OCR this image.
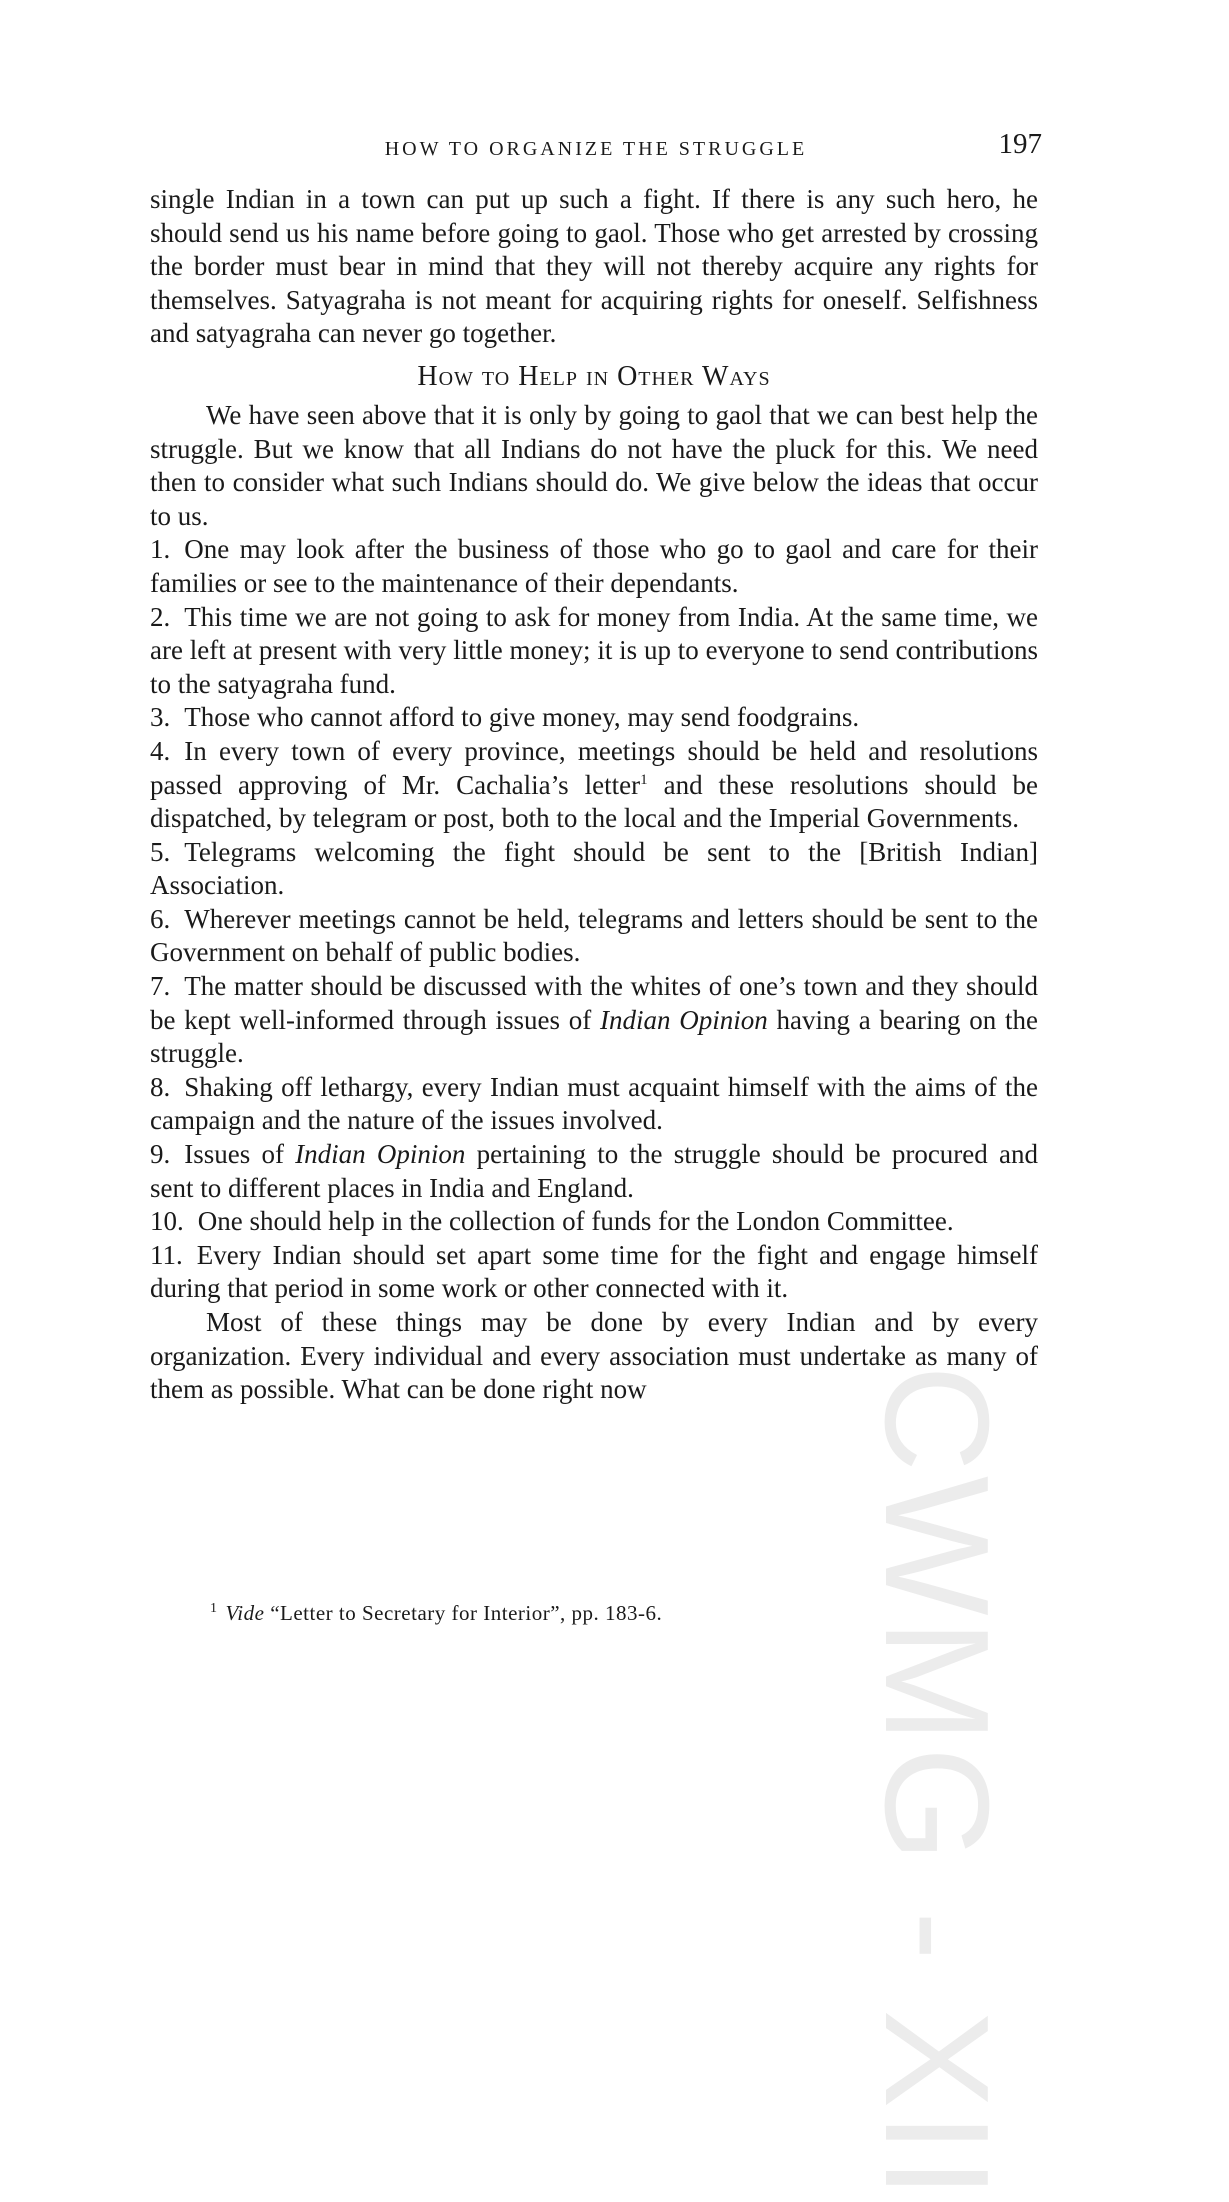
CWMG - XII
HOW TO ORGANIZE THE STRUGGLE	197

single Indian in a town can put up such a fight. If there is any such hero, he should send us his name before going to gaol. Those who get arrested by crossing the border must bear in mind that they will not thereby acquire any rights for themselves. Satyagraha is not meant for acquiring rights for oneself. Selfishness and satyagraha can never go together.

How to Help in Other Ways

We have seen above that it is only by going to gaol that we can best help the struggle. But we know that all Indians do not have the pluck for this. We need then to consider what such Indians should do. We give below the ideas that occur to us.

1. One may look after the business of those who go to gaol and care for their families or see to the maintenance of their dependants.

2. This time we are not going to ask for money from India. At the same time, we are left at present with very little money; it is up to everyone to send contributions to the satyagraha fund.

3. Those who cannot afford to give money, may send foodgrains.

4. In every town of every province, meetings should be held and resolutions passed approving of Mr. Cachalia’s letter$^1$ and these resolutions should be dispatched, by telegram or post, both to the local and the Imperial Governments.

5. Telegrams welcoming the fight should be sent to the [British Indian] Association.

6. Wherever meetings cannot be held, telegrams and letters should be sent to the Government on behalf of public bodies.

7. The matter should be discussed with the whites of one’s town and they should be kept well-informed through issues of Indian Opinion having a bearing on the struggle.

8. Shaking off lethargy, every Indian must acquaint himself with the aims of the campaign and the nature of the issues involved.

9. Issues of Indian Opinion pertaining to the struggle should be procured and sent to different places in India and England.

10. One should help in the collection of funds for the London Committee.

11. Every Indian should set apart some time for the fight and engage himself during that period in some work or other connected with it.

Most of these things may be done by every Indian and by every organization. Every individual and every association must undertake as many of them as possible. What can be done right now

$^1$ Vide “Letter to Secretary for Interior”, pp. 183-6.
